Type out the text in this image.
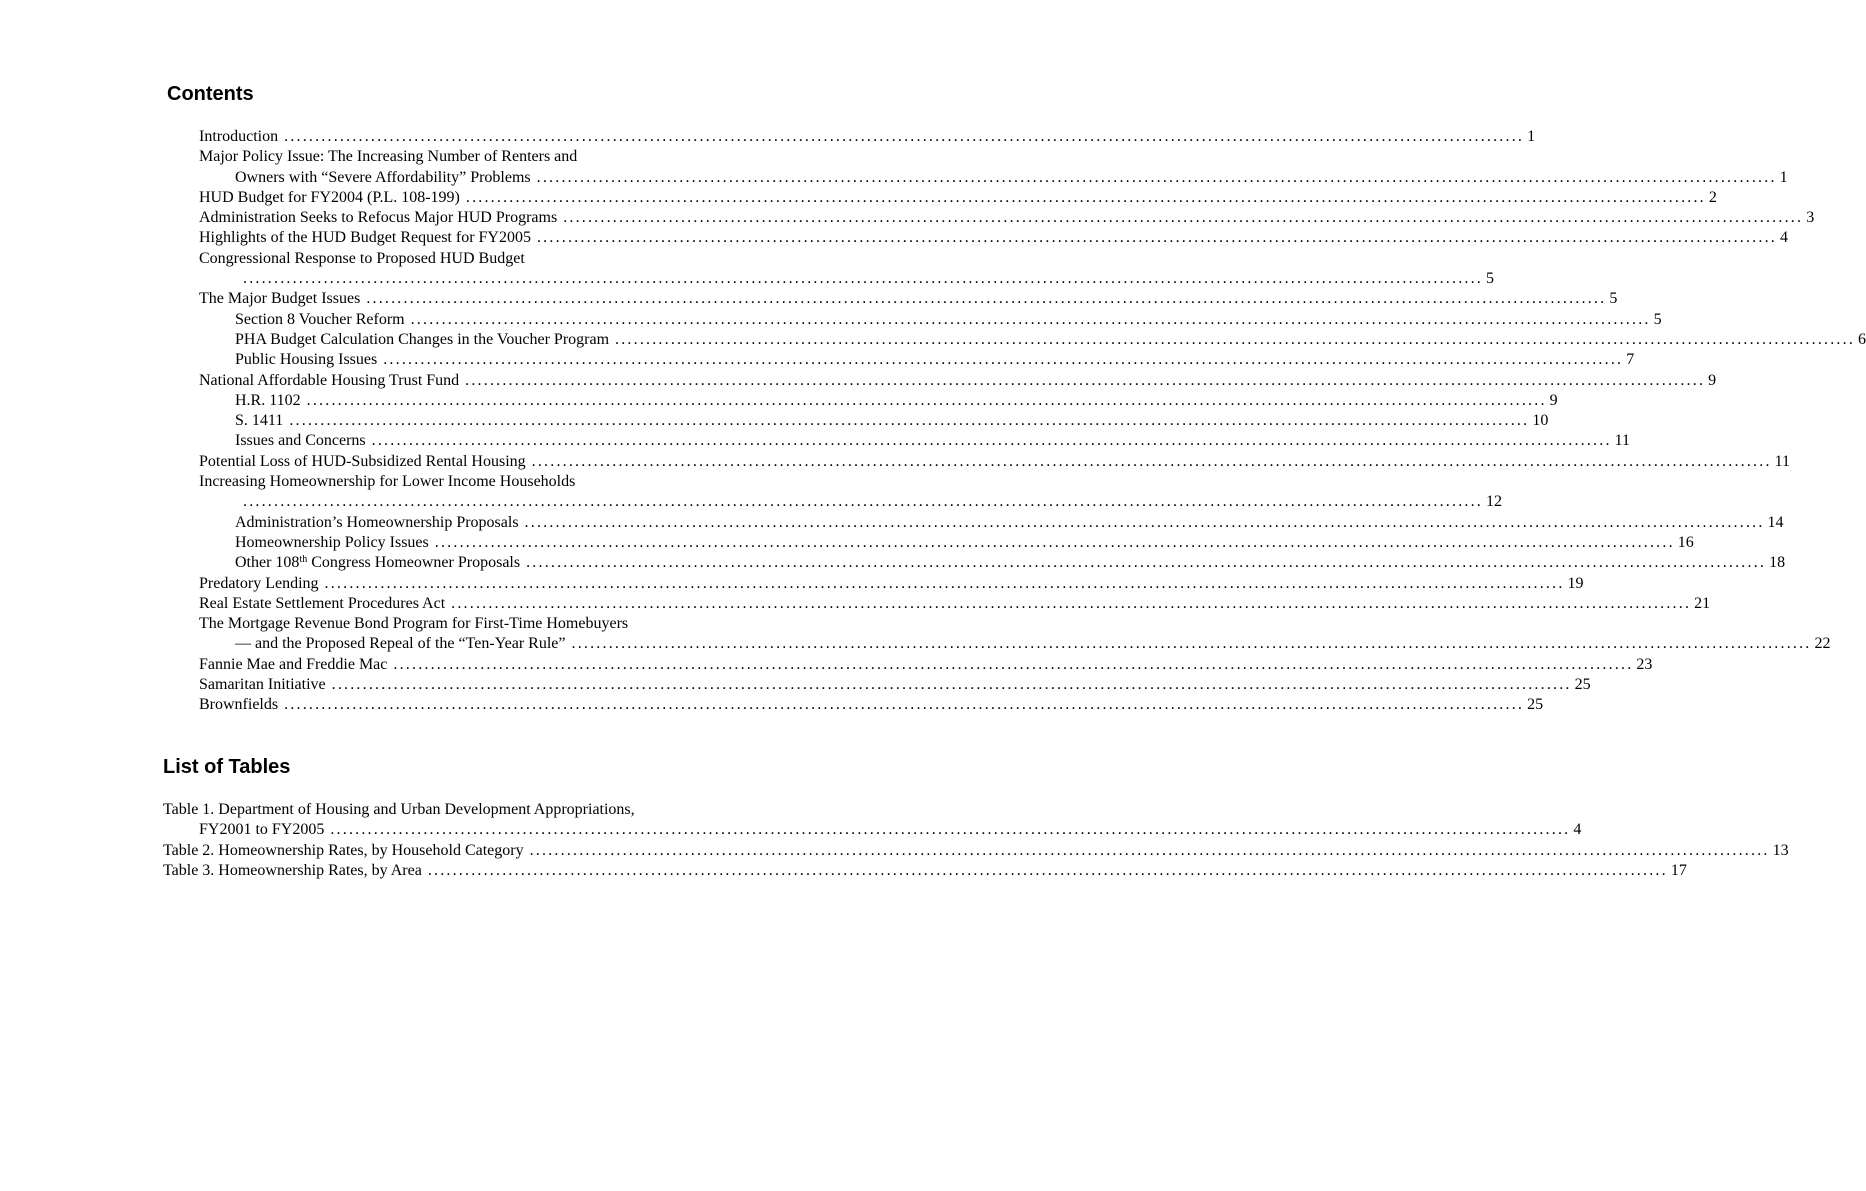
Contents
Introduction ........................................................................................................................................................................................................ 1
Major Policy Issue: The Increasing Number of Renters and
Owners with “Severe Affordability” Problems ........................................................................................................................................................................................................ 1
HUD Budget for FY2004 (P.L. 108-199) ........................................................................................................................................................................................................ 2
Administration Seeks to Refocus Major HUD Programs ........................................................................................................................................................................................................ 3
Highlights of the HUD Budget Request for FY2005 ........................................................................................................................................................................................................ 4
Congressional Response to Proposed HUD Budget
........................................................................................................................................................................................................ 5
The Major Budget Issues ........................................................................................................................................................................................................ 5
Section 8 Voucher Reform ........................................................................................................................................................................................................ 5
PHA Budget Calculation Changes in the Voucher Program ........................................................................................................................................................................................................ 6
Public Housing Issues ........................................................................................................................................................................................................ 7
National Affordable Housing Trust Fund ........................................................................................................................................................................................................ 9
H.R. 1102 ........................................................................................................................................................................................................ 9
S. 1411 ........................................................................................................................................................................................................ 10
Issues and Concerns ........................................................................................................................................................................................................ 11
Potential Loss of HUD-Subsidized Rental Housing ........................................................................................................................................................................................................ 11
Increasing Homeownership for Lower Income Households
........................................................................................................................................................................................................ 12
Administration’s Homeownership Proposals ........................................................................................................................................................................................................ 14
Homeownership Policy Issues ........................................................................................................................................................................................................ 16
Other 108th Congress Homeowner Proposals ........................................................................................................................................................................................................ 18
Predatory Lending ........................................................................................................................................................................................................ 19
Real Estate Settlement Procedures Act ........................................................................................................................................................................................................ 21
The Mortgage Revenue Bond Program for First-Time Homebuyers
— and the Proposed Repeal of the “Ten-Year Rule” ........................................................................................................................................................................................................ 22
Fannie Mae and Freddie Mac ........................................................................................................................................................................................................ 23
Samaritan Initiative ........................................................................................................................................................................................................ 25
Brownfields ........................................................................................................................................................................................................ 25
List of Tables
Table 1. Department of Housing and Urban Development Appropriations,
FY2001 to FY2005 ........................................................................................................................................................................................................ 4
Table 2. Homeownership Rates, by Household Category ........................................................................................................................................................................................................ 13
Table 3. Homeownership Rates, by Area ........................................................................................................................................................................................................ 17
